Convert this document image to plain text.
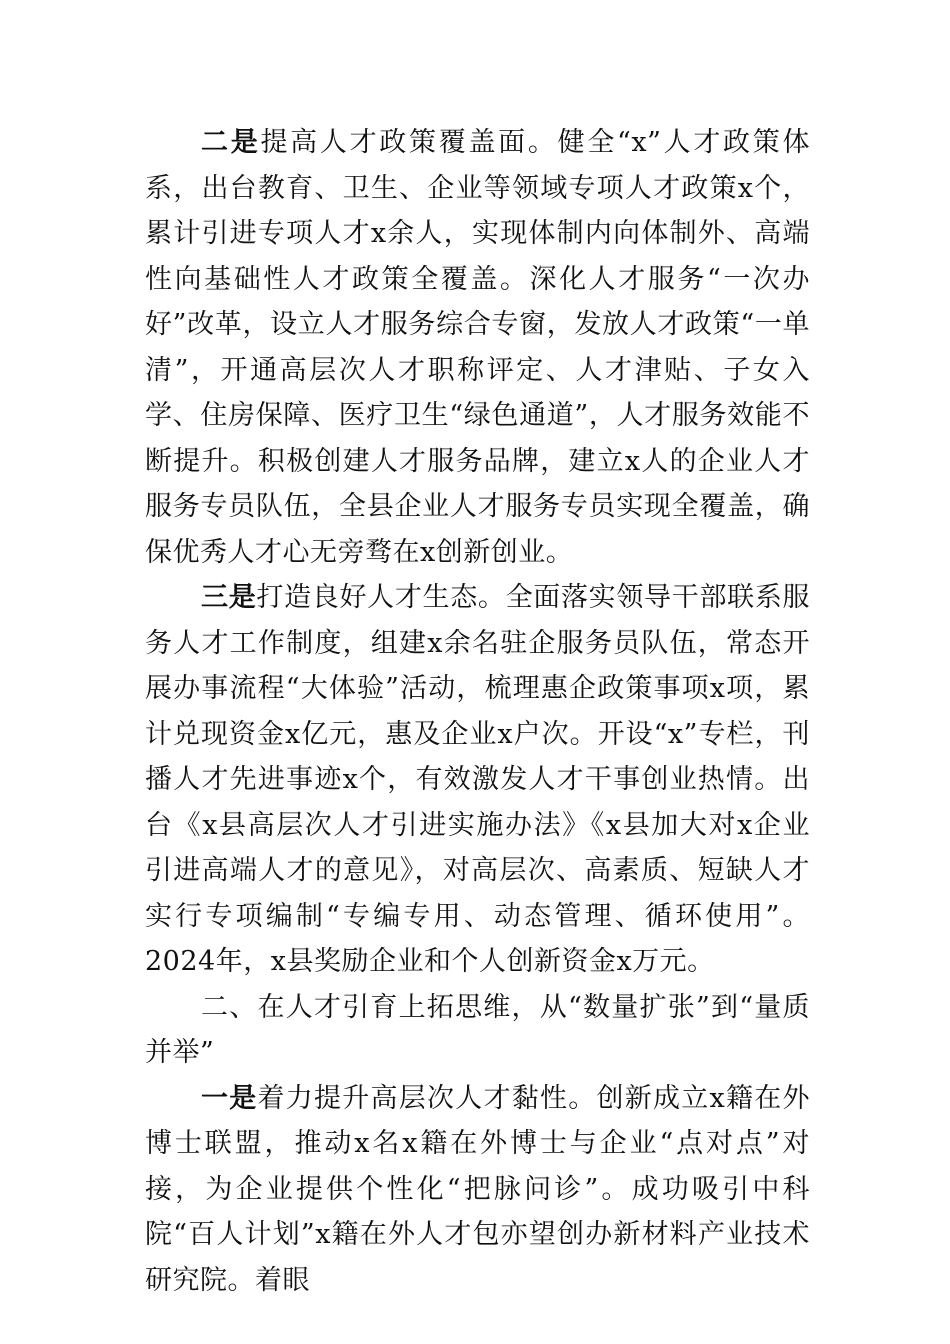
二是提高人才政策覆盖面。健全“x”人才政策体系，出台教育、卫生、企业等领域专项人才政策x个，累计引进专项人才x余人，实现体制内向体制外、高端性向基础性人才政策全覆盖。深化人才服务“一次办好”改革，设立人才服务综合专窗，发放人才政策“一单清”，开通高层次人才职称评定、人才津贴、子女入学、住房保障、医疗卫生“绿色通道”，人才服务效能不断提升。积极创建人才服务品牌，建立x人的企业人才服务专员队伍，全县企业人才服务专员实现全覆盖，确保优秀人才心无旁骛在x创新创业。

三是打造良好人才生态。全面落实领导干部联系服务人才工作制度，组建x余名驻企服务员队伍，常态开展办事流程“大体验”活动，梳理惠企政策事项x项，累计兑现资金x亿元，惠及企业x户次。开设“x”专栏，刊播人才先进事迹x个，有效激发人才干事创业热情。出台《x县高层次人才引进实施办法》《x县加大对x企业引进高端人才的意见》，对高层次、高素质、短缺人才实行专项编制“专编专用、动态管理、循环使用”。2024年，x县奖励企业和个人创新资金x万元。

二、在人才引育上拓思维，从“数量扩张”到“量质并举”

一是着力提升高层次人才黏性。创新成立x籍在外博士联盟，推动x名x籍在外博士与企业“点对点”对接，为企业提供个性化“把脉问诊”。成功吸引中科院“百人计划”x籍在外人才包亦望创办新材料产业技术研究院。着眼
